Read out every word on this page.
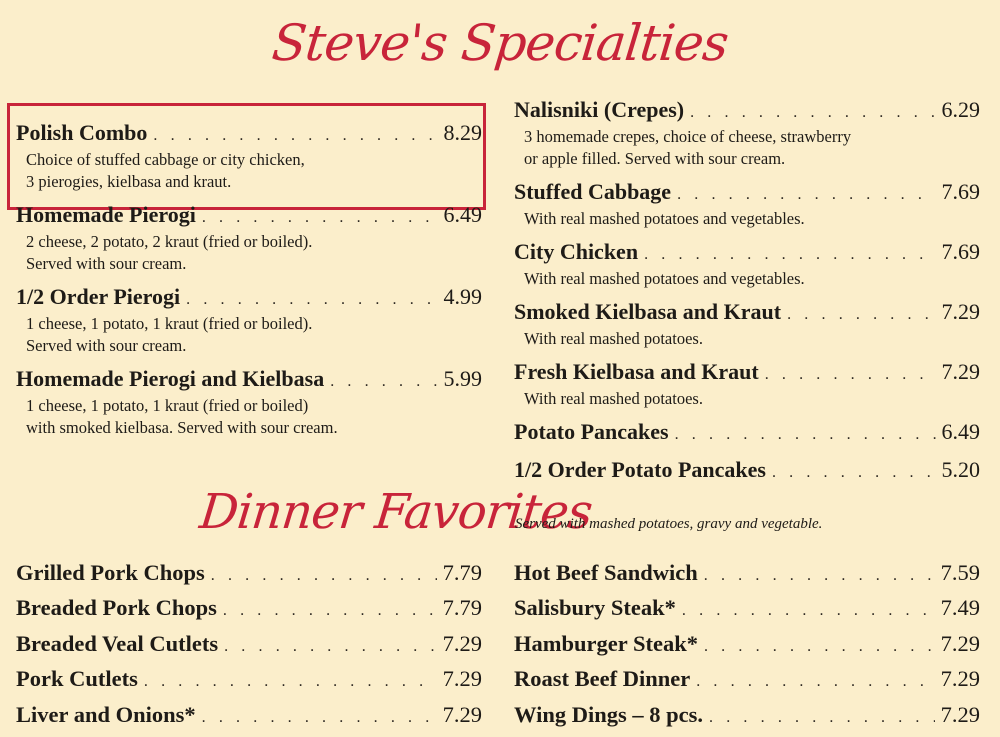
Steve's Specialties
Polish Combo . . .	8.29
Choice of stuffed cabbage or city chicken,
3 pierogies, kielbasa and kraut.
Homemade Pierogi . . .	6.49
2 cheese, 2 potato, 2 kraut (fried or boiled).
Served with sour cream.
1/2 Order Pierogi . . .	4.99
1 cheese, 1 potato, 1 kraut (fried or boiled).
Served with sour cream.
Homemade Pierogi and Kielbasa . . .	5.99
1 cheese, 1 potato, 1 kraut (fried or boiled)
with smoked kielbasa. Served with sour cream.
Nalisniki (Crepes) . . .	6.29
3 homemade crepes, choice of cheese, strawberry
or apple filled. Served with sour cream.
Stuffed Cabbage . . .	7.69
With real mashed potatoes and vegetables.
City Chicken . . .	7.69
With real mashed potatoes and vegetables.
Smoked Kielbasa and Kraut . . .	7.29
With real mashed potatoes.
Fresh Kielbasa and Kraut . . .	7.29
With real mashed potatoes.
Potato Pancakes . . .	6.49
1/2 Order Potato Pancakes . . .	5.20
Dinner Favorites
Served with mashed potatoes, gravy and vegetable.
Grilled Pork Chops . . .	7.79
Breaded Pork Chops . . .	7.79
Breaded Veal Cutlets . . .	7.29
Pork Cutlets . . .	7.29
Liver and Onions* . . .	7.29
Hot Beef Sandwich . . .	7.59
Salisbury Steak* . . .	7.49
Hamburger Steak* . . .	7.29
Roast Beef Dinner . . .	7.29
Wing Dings – 8 pcs. . . .	7.29
